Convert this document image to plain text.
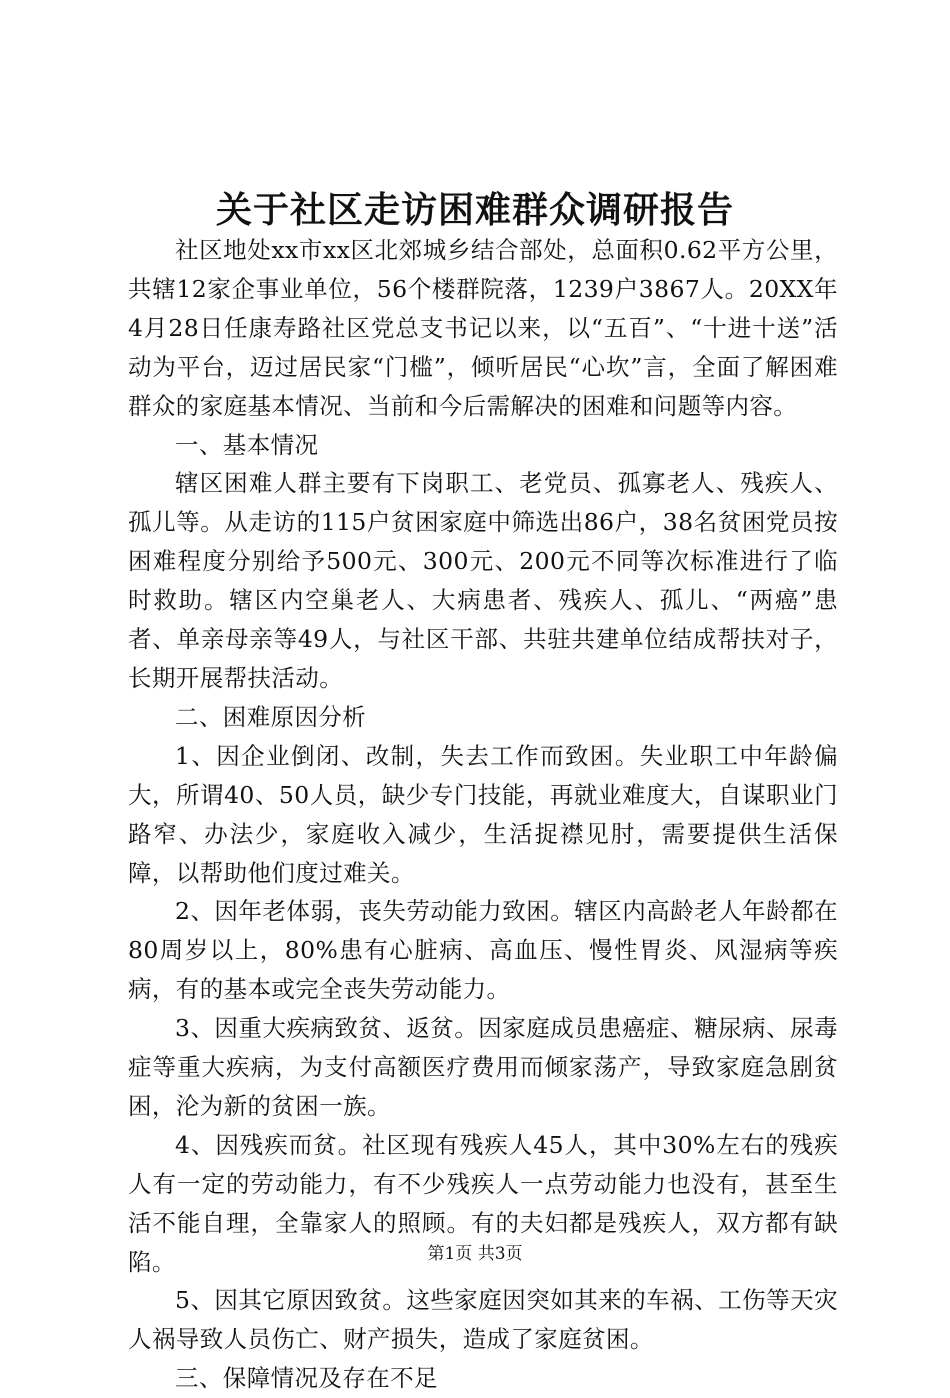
关于社区走访困难群众调研报告

社区地处xx市xx区北郊城乡结合部处，总面积0.62平方公里，共辖12家企事业单位，56个楼群院落，1239户3867人。20XX年4月28日任康寿路社区党总支书记以来，以“五百”、“十进十送”活动为平台，迈过居民家“门槛”，倾听居民“心坎”言，全面了解困难群众的家庭基本情况、当前和今后需解决的困难和问题等内容。

一、基本情况

辖区困难人群主要有下岗职工、老党员、孤寡老人、残疾人、孤儿等。从走访的115户贫困家庭中筛选出86户，38名贫困党员按困难程度分别给予500元、300元、200元不同等次标准进行了临时救助。辖区内空巢老人、大病患者、残疾人、孤儿、“两癌”患者、单亲母亲等49人，与社区干部、共驻共建单位结成帮扶对子，长期开展帮扶活动。

二、困难原因分析

1、因企业倒闭、改制，失去工作而致困。失业职工中年龄偏大，所谓40、50人员，缺少专门技能，再就业难度大，自谋职业门路窄、办法少，家庭收入减少，生活捉襟见肘，需要提供生活保障，以帮助他们度过难关。

2、因年老体弱，丧失劳动能力致困。辖区内高龄老人年龄都在80周岁以上，80%患有心脏病、高血压、慢性胃炎、风湿病等疾病，有的基本或完全丧失劳动能力。

3、因重大疾病致贫、返贫。因家庭成员患癌症、糖尿病、尿毒症等重大疾病，为支付高额医疗费用而倾家荡产，导致家庭急剧贫困，沦为新的贫困一族。

4、因残疾而贫。社区现有残疾人45人，其中30%左右的残疾人有一定的劳动能力，有不少残疾人一点劳动能力也没有，甚至生活不能自理，全靠家人的照顾。有的夫妇都是残疾人，双方都有缺陷。

5、因其它原因致贫。这些家庭因突如其来的车祸、工伤等天灾人祸导致人员伤亡、财产损失，造成了家庭贫困。

三、保障情况及存在不足

第1页 共3页
